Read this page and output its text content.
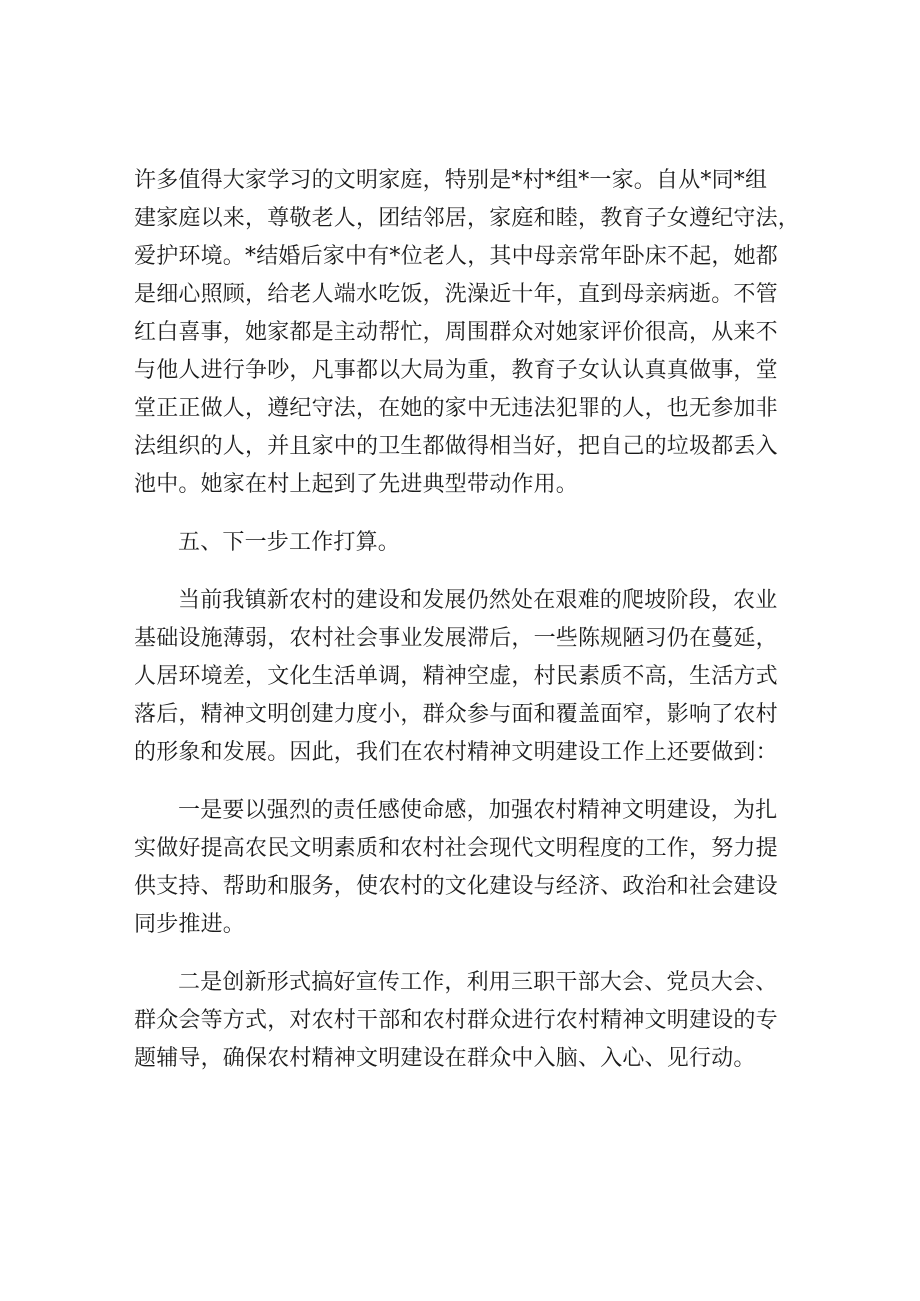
许多值得大家学习的文明家庭，特别是*村*组*一家。自从*同*组
建家庭以来，尊敬老人，团结邻居，家庭和睦，教育子女遵纪守法，
爱护环境。*结婚后家中有*位老人，其中母亲常年卧床不起，她都
是细心照顾，给老人端水吃饭，洗澡近十年，直到母亲病逝。不管
红白喜事，她家都是主动帮忙，周围群众对她家评价很高，从来不
与他人进行争吵，凡事都以大局为重，教育子女认认真真做事，堂
堂正正做人，遵纪守法，在她的家中无违法犯罪的人，也无参加非
法组织的人，并且家中的卫生都做得相当好，把自己的垃圾都丢入
池中。她家在村上起到了先进典型带动作用。

五、下一步工作打算。

当前我镇新农村的建设和发展仍然处在艰难的爬坡阶段，农业
基础设施薄弱，农村社会事业发展滞后，一些陈规陋习仍在蔓延，
人居环境差，文化生活单调，精神空虚，村民素质不高，生活方式
落后，精神文明创建力度小，群众参与面和覆盖面窄，影响了农村
的形象和发展。因此，我们在农村精神文明建设工作上还要做到：

一是要以强烈的责任感使命感，加强农村精神文明建设，为扎
实做好提高农民文明素质和农村社会现代文明程度的工作，努力提
供支持、帮助和服务，使农村的文化建设与经济、政治和社会建设
同步推进。

二是创新形式搞好宣传工作，利用三职干部大会、党员大会、
群众会等方式，对农村干部和农村群众进行农村精神文明建设的专
题辅导，确保农村精神文明建设在群众中入脑、入心、见行动。
